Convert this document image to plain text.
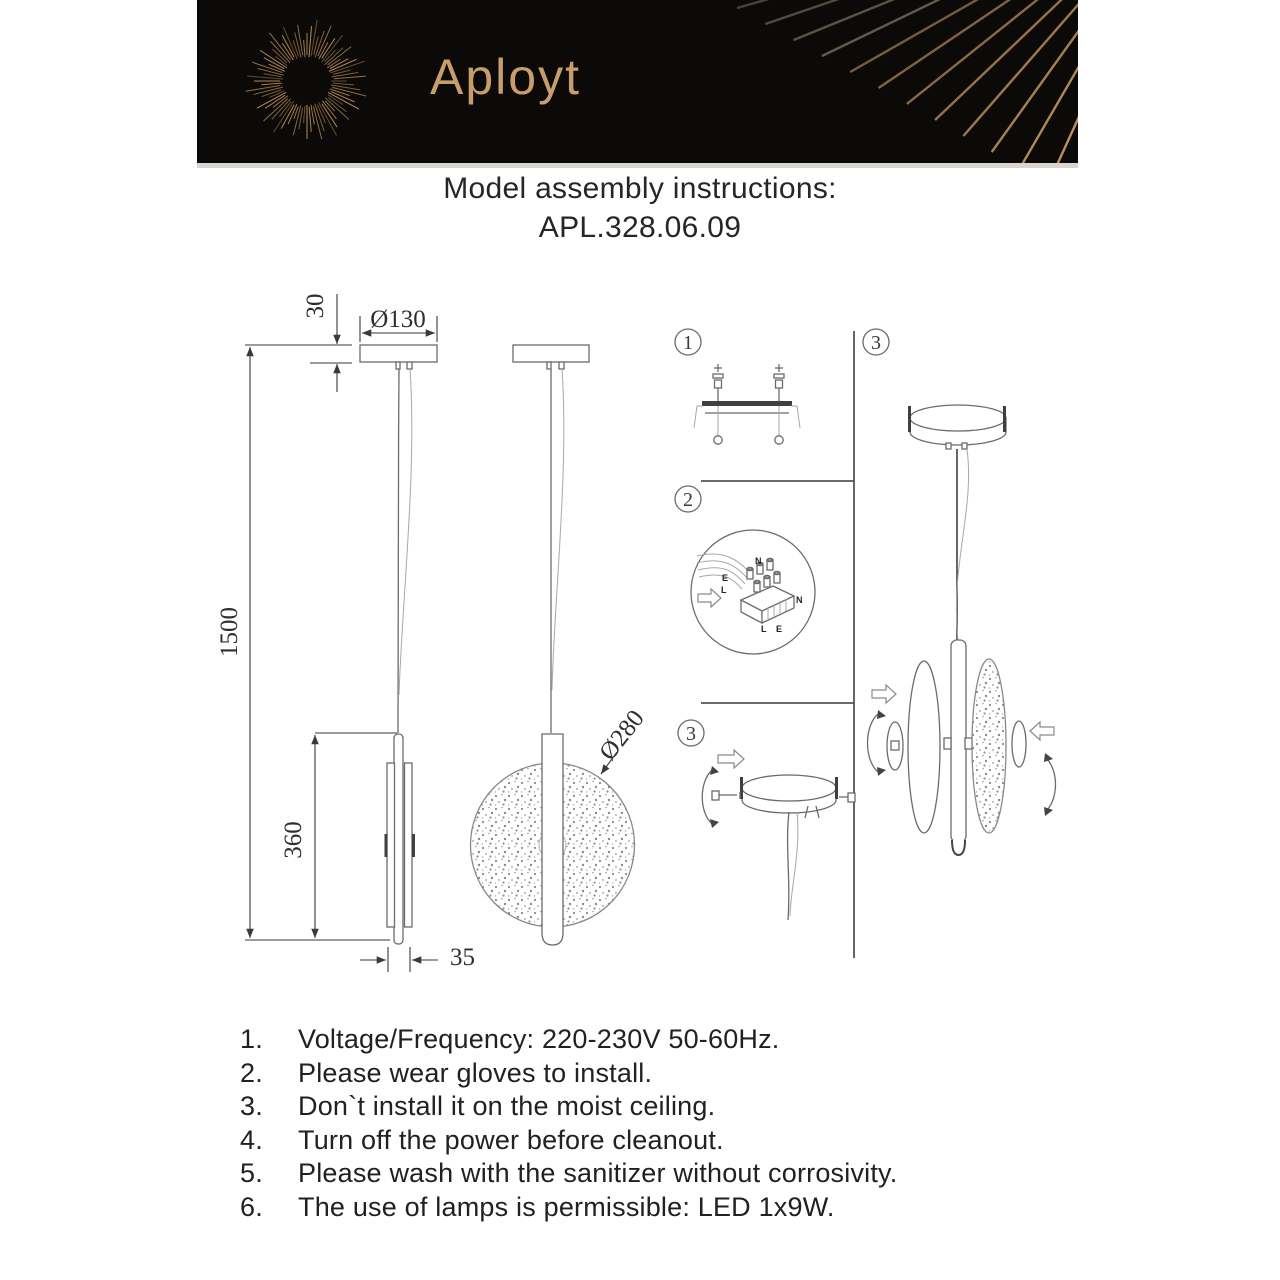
Aployt
Model assembly instructions:
APL.328.06.09
1500
30 Ø130
360
35
Ø280
1
2
3
3
N
E
L
N
L E
1.	Voltage/Frequency: 220-230V 50-60Hz.
2.	Please wear gloves to install.
3.	Don`t install it on the moist ceiling.
4.	Turn off the power before cleanout.
5.	Please wash with the sanitizer without corrosivity.
6.	The use of lamps is permissible: LED 1x9W.
